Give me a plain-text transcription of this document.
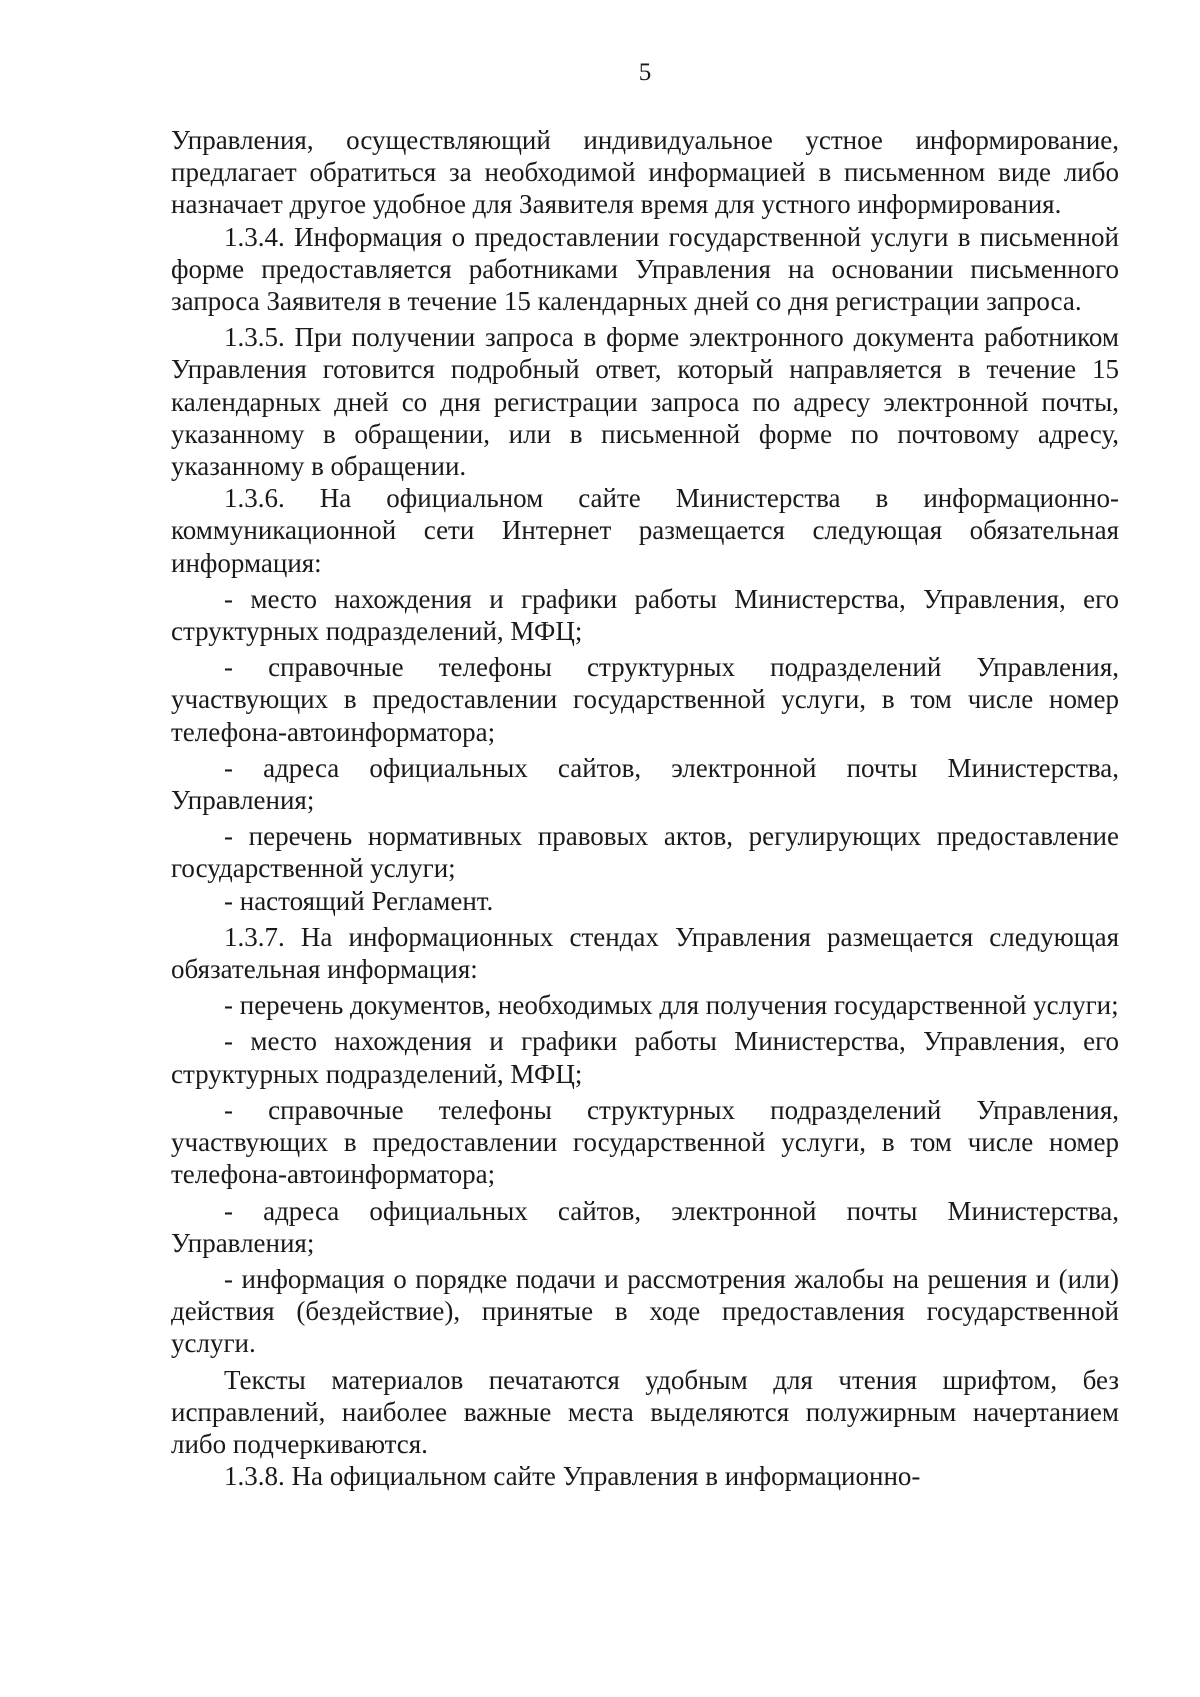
5

Управления, осуществляющий индивидуальное устное информирование, предлагает обратиться за необходимой информацией в письменном виде либо назначает другое удобное для Заявителя время для устного информирования.

1.3.4. Информация о предоставлении государственной услуги в письменной форме предоставляется работниками Управления на основании письменного запроса Заявителя в течение 15 календарных дней со дня регистрации запроса.

1.3.5. При получении запроса в форме электронного документа работником Управления готовится подробный ответ, который направляется в течение 15 календарных дней со дня регистрации запроса по адресу электронной почты, указанному в обращении, или в письменной форме по почтовому адресу, указанному в обращении.

1.3.6. На официальном сайте Министерства в информационно-коммуникационной сети Интернет размещается следующая обязательная информация:

- место нахождения и графики работы Министерства, Управления, его структурных подразделений, МФЦ;

- справочные телефоны структурных подразделений Управления, участвующих в предоставлении государственной услуги, в том числе номер телефона-автоинформатора;

- адреса официальных сайтов, электронной почты Министерства, Управления;

- перечень нормативных правовых актов, регулирующих предоставление государственной услуги;

- настоящий Регламент.

1.3.7. На информационных стендах Управления размещается следующая обязательная информация:

- перечень документов, необходимых для получения государственной услуги;

- место нахождения и графики работы Министерства, Управления, его структурных подразделений, МФЦ;

- справочные телефоны структурных подразделений Управления, участвующих в предоставлении государственной услуги, в том числе номер телефона-автоинформатора;

- адреса официальных сайтов, электронной почты Министерства, Управления;

- информация о порядке подачи и рассмотрения жалобы на решения и (или) действия (бездействие), принятые в ходе предоставления государственной услуги.

Тексты материалов печатаются удобным для чтения шрифтом, без исправлений, наиболее важные места выделяются полужирным начертанием либо подчеркиваются.

1.3.8. На официальном сайте Управления в информационно-
